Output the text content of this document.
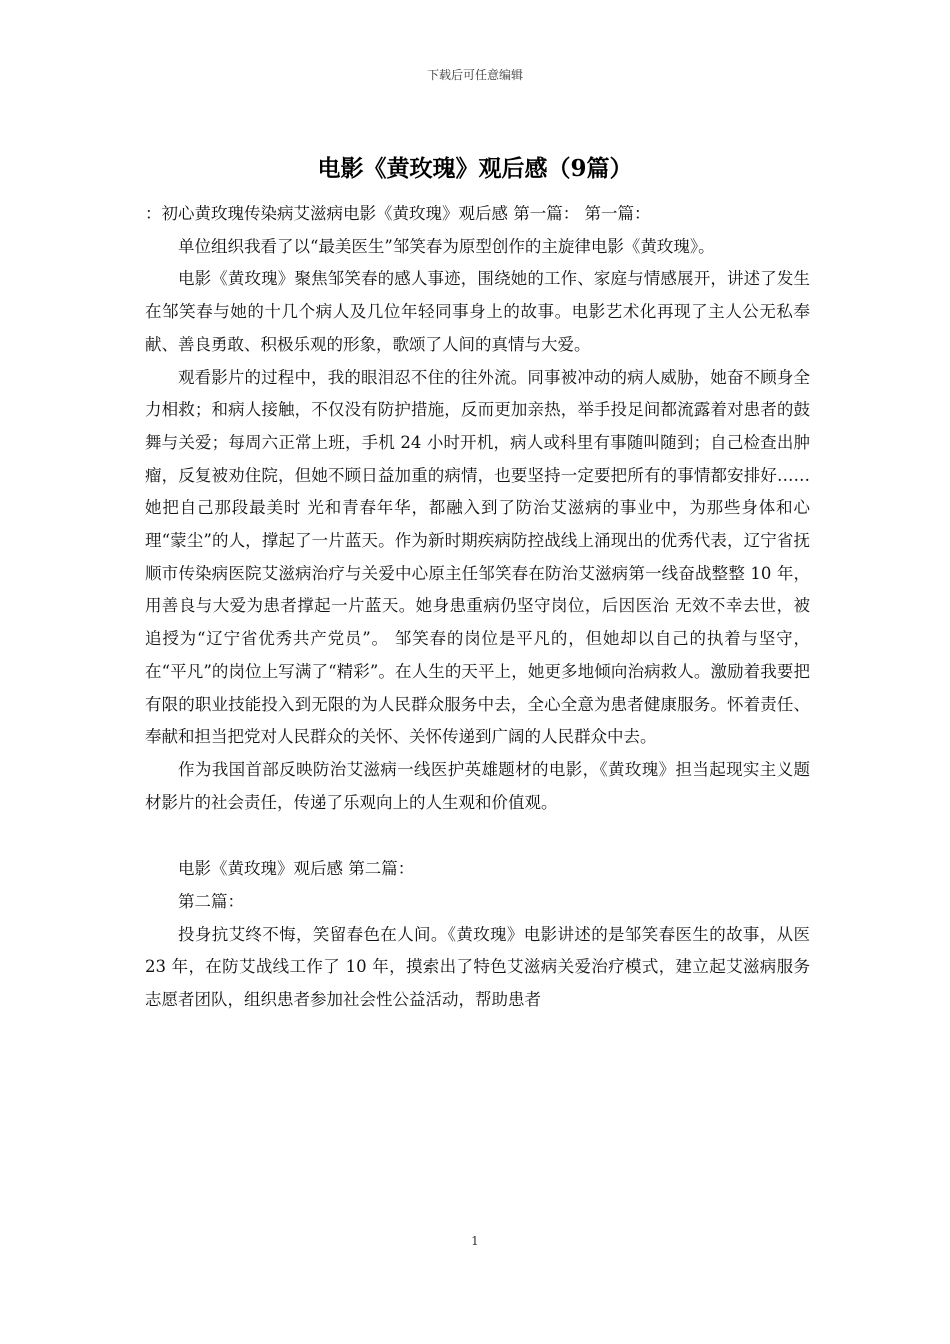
下载后可任意编辑
电影《黄玫瑰》观后感（9篇）

：初心黄玫瑰传染病艾滋病电影《黄玫瑰》观后感 第一篇： 第一篇：

单位组织我看了以“最美医生”邹笑春为原型创作的主旋律电影《黄玫瑰》。

电影《黄玫瑰》聚焦邹笑春的感人事迹，围绕她的工作、家庭与情感展开，讲述了发生在邹笑春与她的十几个病人及几位年轻同事身上的故事。电影艺术化再现了主人公无私奉献、善良勇敢、积极乐观的形象，歌颂了人间的真情与大爱。

观看影片的过程中，我的眼泪忍不住的往外流。同事被冲动的病人威胁，她奋不顾身全力相救；和病人接触，不仅没有防护措施，反而更加亲热，举手投足间都流露着对患者的鼓舞与关爱；每周六正常上班，手机 24 小时开机，病人或科里有事随叫随到；自己检查出肿瘤，反复被劝住院，但她不顾日益加重的病情，也要坚持一定要把所有的事情都安排好……她把自己那段最美时 光和青春年华，都融入到了防治艾滋病的事业中，为那些身体和心理“蒙尘”的人，撑起了一片蓝天。作为新时期疾病防控战线上涌现出的优秀代表，辽宁省抚顺市传染病医院艾滋病治疗与关爱中心原主任邹笑春在防治艾滋病第一线奋战整整 10 年，用善良与大爱为患者撑起一片蓝天。她身患重病仍坚守岗位，后因医治 无效不幸去世，被追授为“辽宁省优秀共产党员”。 邹笑春的岗位是平凡的，但她却以自己的执着与坚守，在“平凡”的岗位上写满了“精彩”。在人生的天平上，她更多地倾向治病救人。激励着我要把有限的职业技能投入到无限的为人民群众服务中去，全心全意为患者健康服务。怀着责任、奉献和担当把党对人民群众的关怀、关怀传递到广阔的人民群众中去。

作为我国首部反映防治艾滋病一线医护英雄题材的电影，《黄玫瑰》担当起现实主义题材影片的社会责任，传递了乐观向上的人生观和价值观。

电影《黄玫瑰》观后感 第二篇：

第二篇：

投身抗艾终不悔，笑留春色在人间。《黄玫瑰》电影讲述的是邹笑春医生的故事，从医 23 年，在防艾战线工作了 10 年，摸索出了特色艾滋病关爱治疗模式，建立起艾滋病服务志愿者团队，组织患者参加社会性公益活动，帮助患者

1
